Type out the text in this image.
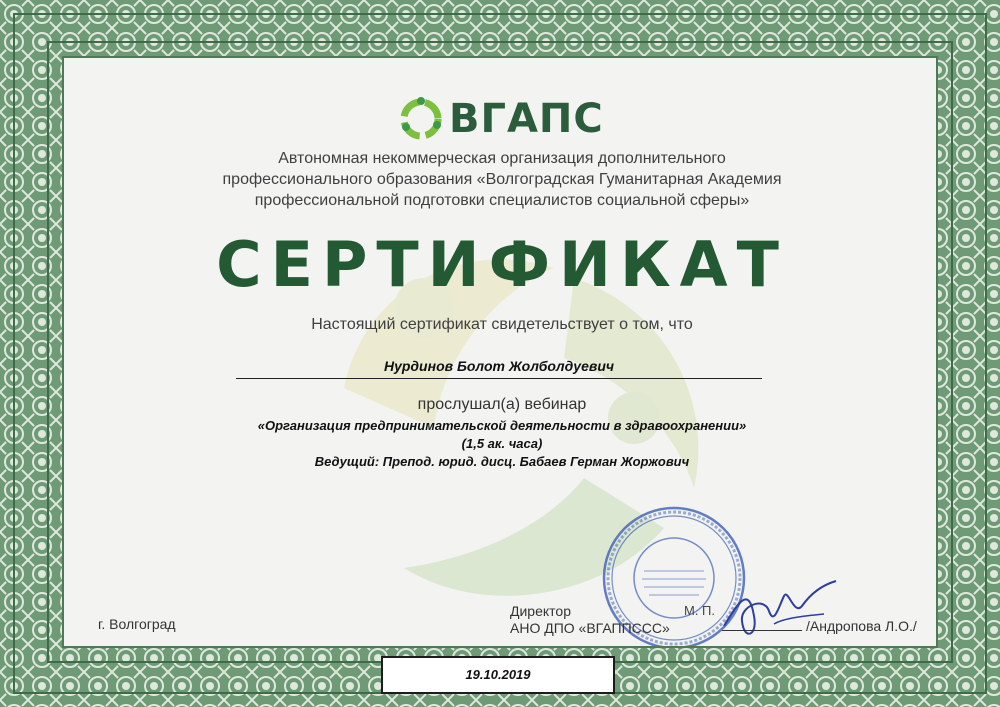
ВГАПС
Автономная некоммерческая организация дополнительного
профессионального образования «Волгоградская Гуманитарная Академия
профессиональной подготовки специалистов социальной сферы»
СЕРТИФИКАТ
Настоящий сертификат свидетельствует о том, что
Нурдинов Болот Жолболдуевич
прослушал(а) вебинар
«Организация предпринимательской деятельности в здравоохранении»
(1,5 ак. часа)
Ведущий: Препод. юрид. дисц. Бабаев Герман Жоржович
г. Волгоград
Директор
АНО ДПО «ВГАППССС»
М. П.
/Андропова Л.О./
19.10.2019
